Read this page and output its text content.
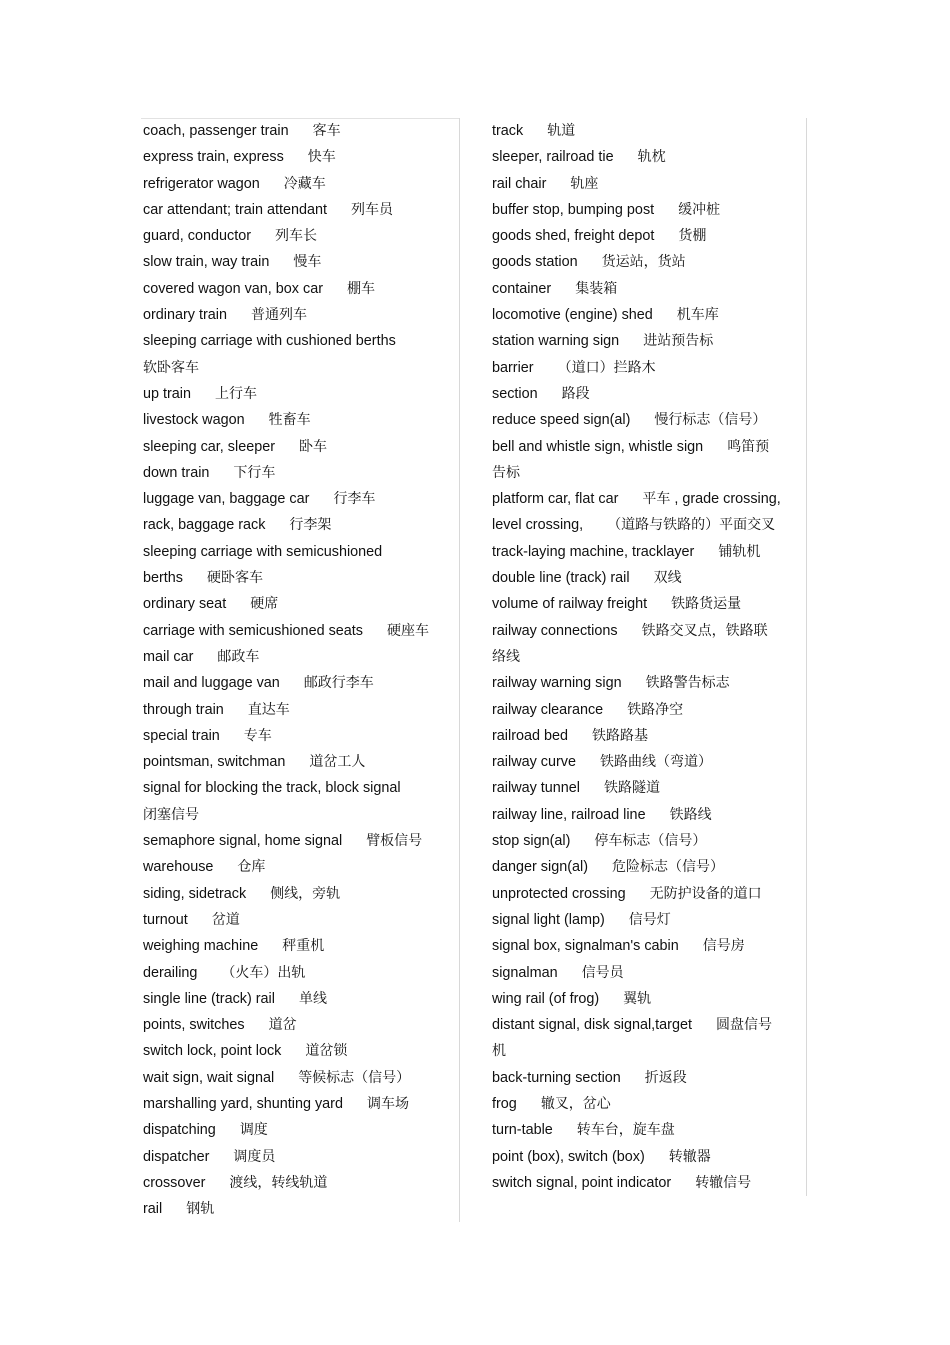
coach, passenger train 客车
express train, express 快车
refrigerator wagon 冷藏车
car attendant; train attendant 列车员
guard, conductor 列车长
slow train, way train 慢车
covered wagon van, box car 棚车
ordinary train 普通列车
sleeping carriage with cushioned berths
软卧客车
up train 上行车
livestock wagon 牲畜车
sleeping car, sleeper 卧车
down train 下行车
luggage van, baggage car 行李车
rack, baggage rack 行李架
sleeping carriage with semicushioned
berths 硬卧客车
ordinary seat 硬席
carriage with semicushioned seats 硬座车
mail car 邮政车
mail and luggage van 邮政行李车
through train 直达车
special train 专车
pointsman, switchman 道岔工人
signal for blocking the track, block signal
闭塞信号
semaphore signal, home signal 臂板信号
warehouse 仓库
siding, sidetrack 侧线，旁轨
turnout 岔道
weighing machine 秤重机
derailing （火车）出轨
single line (track) rail 单线
points, switches 道岔
switch lock, point lock 道岔锁
wait sign, wait signal 等候标志（信号）
marshalling yard, shunting yard 调车场
dispatching 调度
dispatcher 调度员
crossover 渡线，转线轨道
rail 钢轨
track 轨道
sleeper, railroad tie 轨枕
rail chair 轨座
buffer stop, bumping post 缓冲桩
goods shed, freight depot 货棚
goods station 货运站，货站
container 集装箱
locomotive (engine) shed 机车库
station warning sign 进站预告标
barrier （道口）拦路木
section 路段
reduce speed sign(al) 慢行标志（信号）
bell and whistle sign, whistle sign 鸣笛预
告标
platform car, flat car 平车 , grade crossing,
level crossing, （道路与铁路的）平面交叉
track-laying machine, tracklayer 铺轨机
double line (track) rail 双线
volume of railway freight 铁路货运量
railway connections 铁路交叉点，铁路联
络线
railway warning sign 铁路警告标志
railway clearance 铁路净空
railroad bed 铁路路基
railway curve 铁路曲线（弯道）
railway tunnel 铁路隧道
railway line, railroad line 铁路线
stop sign(al) 停车标志（信号）
danger sign(al) 危险标志（信号）
unprotected crossing 无防护设备的道口
signal light (lamp) 信号灯
signal box, signalman's cabin 信号房
signalman 信号员
wing rail (of frog) 翼轨
distant signal, disk signal,target 圆盘信号
机
back-turning section 折返段
frog 辙叉，岔心
turn-table 转车台，旋车盘
point (box), switch (box) 转辙器
switch signal, point indicator 转辙信号
